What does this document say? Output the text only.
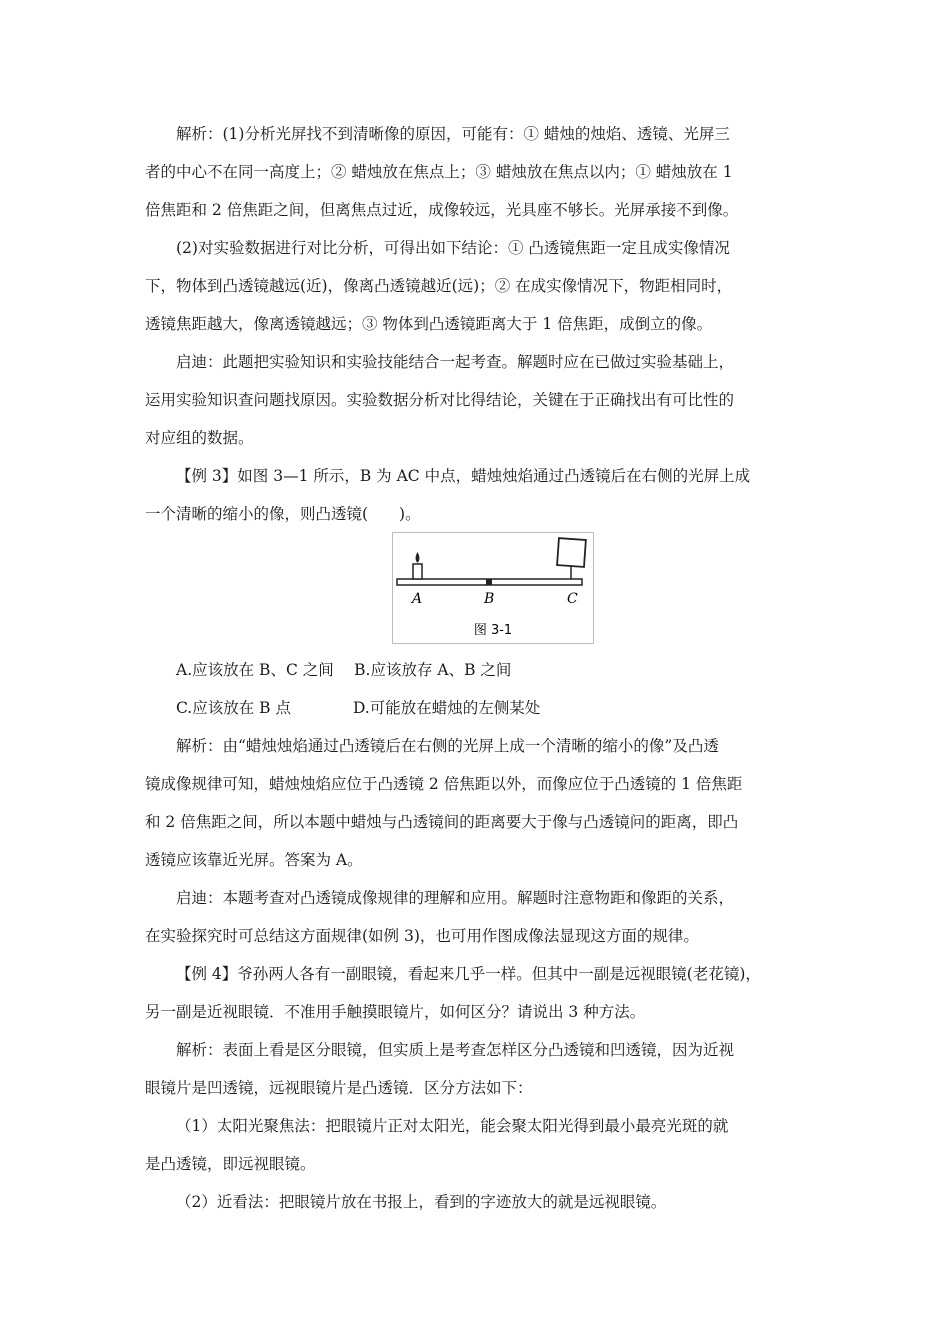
解析：(1)分析光屏找不到清晰像的原因，可能有：① 蜡烛的烛焰、透镜、光屏三
者的中心不在同一高度上；② 蜡烛放在焦点上；③ 蜡烛放在焦点以内；① 蜡烛放在 1
倍焦距和 2 倍焦距之间，但离焦点过近，成像较远，光具座不够长。光屏承接不到像。
(2)对实验数据进行对比分析，可得出如下结论：① 凸透镜焦距一定且成实像情况
下，物体到凸透镜越远(近)，像离凸透镜越近(远)；② 在成实像情况下，物距相同时，
透镜焦距越大，像离透镜越远；③ 物体到凸透镜距离大于 1 倍焦距，成倒立的像。
启迪：此题把实验知识和实验技能结合一起考查。解题时应在已做过实验基础上，
运用实验知识查问题找原因。实验数据分析对比得结论，关键在于正确找出有可比性的
对应组的数据。
【例 3】如图 3—1 所示，B 为 AC 中点，蜡烛烛焰通过凸透镜后在右侧的光屏上成
一个清晰的缩小的像，则凸透镜(　　)。
A.应该放在 B、C 之间　 B.应该放存 A、B 之间
C.应该放在 B 点　　　　D.可能放在蜡烛的左侧某处
解析：由“蜡烛烛焰通过凸透镜后在右侧的光屏上成一个清晰的缩小的像”及凸透
镜成像规律可知，蜡烛烛焰应位于凸透镜 2 倍焦距以外，而像应位于凸透镜的 1 倍焦距
和 2 倍焦距之间，所以本题中蜡烛与凸透镜间的距离要大于像与凸透镜问的距离，即凸
透镜应该靠近光屏。答案为 A。
启迪：本题考查对凸透镜成像规律的理解和应用。解题时注意物距和像距的关系，
在实验探究时可总结这方面规律(如例 3)，也可用作图成像法显现这方面的规律。
【例 4】爷孙两人各有一副眼镜，看起来几乎一样。但其中一副是远视眼镜(老花镜)，
另一副是近视眼镜．不准用手触摸眼镜片，如何区分？请说出 3 种方法。
解析：表面上看是区分眼镜，但实质上是考查怎样区分凸透镜和凹透镜，因为近视
眼镜片是凹透镜，远视眼镜片是凸透镜．区分方法如下：
（1）太阳光聚焦法：把眼镜片正对太阳光，能会聚太阳光得到最小最亮光斑的就
是凸透镜，即远视眼镜。
（2）近看法：把眼镜片放在书报上，看到的字迹放大的就是远视眼镜。
A	B	C
图 3-1
